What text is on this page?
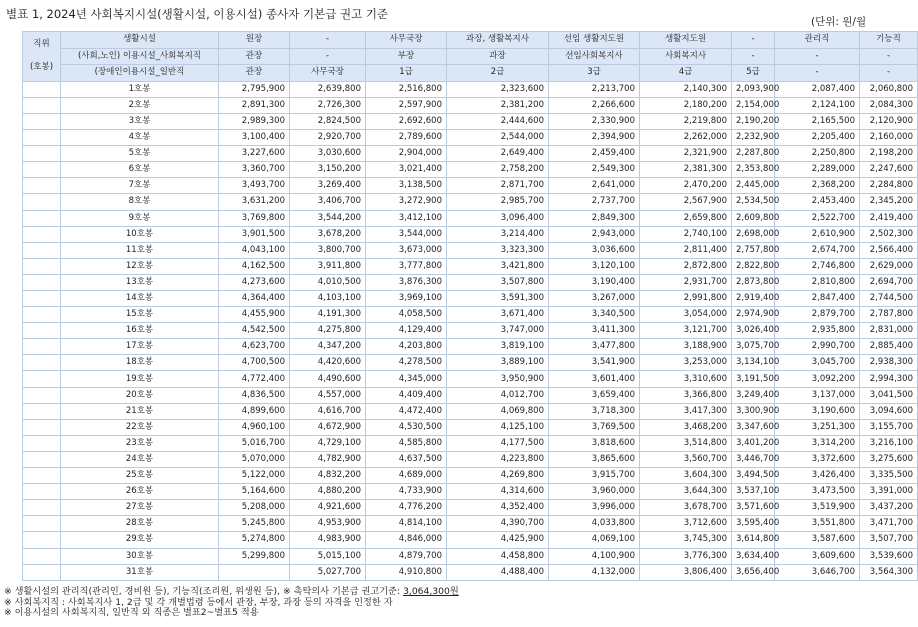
별표 1, 2024년 사회복지시설(생활시설, 이용시설) 종사자 기본급 권고 기준
(단위: 원/월
직위
(호봉)	생활시설	원장	-	사무국장	과장, 생활복지사	선임 생활지도원	생활지도원	-	관리직	기능직
	(사회,노인) 이용시설_사회복지직	관장	-	부장	과장	선임사회복지사	사회복지사	-	-	-
	(장애인이용시설_일반직	관장	사무국장	1급	2급	3급	4급	5급	-	-
	1호봉	2,795,900	2,639,800	2,516,800	2,323,600	2,213,700	2,140,300	2,093,900	2,087,400	2,060,800
	2호봉	2,891,300	2,726,300	2,597,900	2,381,200	2,266,600	2,180,200	2,154,000	2,124,100	2,084,300
	3호봉	2,989,300	2,824,500	2,692,600	2,444,600	2,330,900	2,219,800	2,190,200	2,165,500	2,120,900
	4호봉	3,100,400	2,920,700	2,789,600	2,544,000	2,394,900	2,262,000	2,232,900	2,205,400	2,160,000
	5호봉	3,227,600	3,030,600	2,904,000	2,649,400	2,459,400	2,321,900	2,287,800	2,250,800	2,198,200
	6호봉	3,360,700	3,150,200	3,021,400	2,758,200	2,549,300	2,381,300	2,353,800	2,289,000	2,247,600
	7호봉	3,493,700	3,269,400	3,138,500	2,871,700	2,641,000	2,470,200	2,445,000	2,368,200	2,284,800
	8호봉	3,631,200	3,406,700	3,272,900	2,985,700	2,737,700	2,567,900	2,534,500	2,453,400	2,345,200
	9호봉	3,769,800	3,544,200	3,412,100	3,096,400	2,849,300	2,659,800	2,609,800	2,522,700	2,419,400
	10호봉	3,901,500	3,678,200	3,544,000	3,214,400	2,943,000	2,740,100	2,698,000	2,610,900	2,502,300
	11호봉	4,043,100	3,800,700	3,673,000	3,323,300	3,036,600	2,811,400	2,757,800	2,674,700	2,566,400
	12호봉	4,162,500	3,911,800	3,777,800	3,421,800	3,120,100	2,872,800	2,822,800	2,746,800	2,629,000
	13호봉	4,273,600	4,010,500	3,876,300	3,507,800	3,190,400	2,931,700	2,873,800	2,810,800	2,694,700
	14호봉	4,364,400	4,103,100	3,969,100	3,591,300	3,267,000	2,991,800	2,919,400	2,847,400	2,744,500
	15호봉	4,455,900	4,191,300	4,058,500	3,671,400	3,340,500	3,054,000	2,974,900	2,879,700	2,787,800
	16호봉	4,542,500	4,275,800	4,129,400	3,747,000	3,411,300	3,121,700	3,026,400	2,935,800	2,831,000
	17호봉	4,623,700	4,347,200	4,203,800	3,819,100	3,477,800	3,188,900	3,075,700	2,990,700	2,885,400
	18호봉	4,700,500	4,420,600	4,278,500	3,889,100	3,541,900	3,253,000	3,134,100	3,045,700	2,938,300
	19호봉	4,772,400	4,490,600	4,345,000	3,950,900	3,601,400	3,310,600	3,191,500	3,092,200	2,994,300
	20호봉	4,836,500	4,557,000	4,409,400	4,012,700	3,659,400	3,366,800	3,249,400	3,137,000	3,041,500
	21호봉	4,899,600	4,616,700	4,472,400	4,069,800	3,718,300	3,417,300	3,300,900	3,190,600	3,094,600
	22호봉	4,960,100	4,672,900	4,530,500	4,125,100	3,769,500	3,468,200	3,347,600	3,251,300	3,155,700
	23호봉	5,016,700	4,729,100	4,585,800	4,177,500	3,818,600	3,514,800	3,401,200	3,314,200	3,216,100
	24호봉	5,070,000	4,782,900	4,637,500	4,223,800	3,865,600	3,560,700	3,446,700	3,372,600	3,275,600
	25호봉	5,122,000	4,832,200	4,689,000	4,269,800	3,915,700	3,604,300	3,494,500	3,426,400	3,335,500
	26호봉	5,164,600	4,880,200	4,733,900	4,314,600	3,960,000	3,644,300	3,537,100	3,473,500	3,391,000
	27호봉	5,208,000	4,921,600	4,776,200	4,352,400	3,996,000	3,678,700	3,571,600	3,519,900	3,437,200
	28호봉	5,245,800	4,953,900	4,814,100	4,390,700	4,033,800	3,712,600	3,595,400	3,551,800	3,471,700
	29호봉	5,274,800	4,983,900	4,846,000	4,425,900	4,069,100	3,745,300	3,614,800	3,587,600	3,507,700
	30호봉	5,299,800	5,015,100	4,879,700	4,458,800	4,100,900	3,776,300	3,634,400	3,609,600	3,539,600
	31호봉		5,027,700	4,910,800	4,488,400	4,132,000	3,806,400	3,656,400	3,646,700	3,564,300
※ 생활시설의 관리직(관리인, 경비원 등), 기능직(조리원, 위생원 등), ※ 촉탁의사 기본급 권고기준: 3,064,300원
※ 사회복지직 : 사회복지사 1, 2급 및 각 개별법령 등에서 관장, 부장, 과장 등의 자격을 인정한 자
※ 이용시설의 사회복지직, 일반직 외 직종은 별표2~별표5 적용
